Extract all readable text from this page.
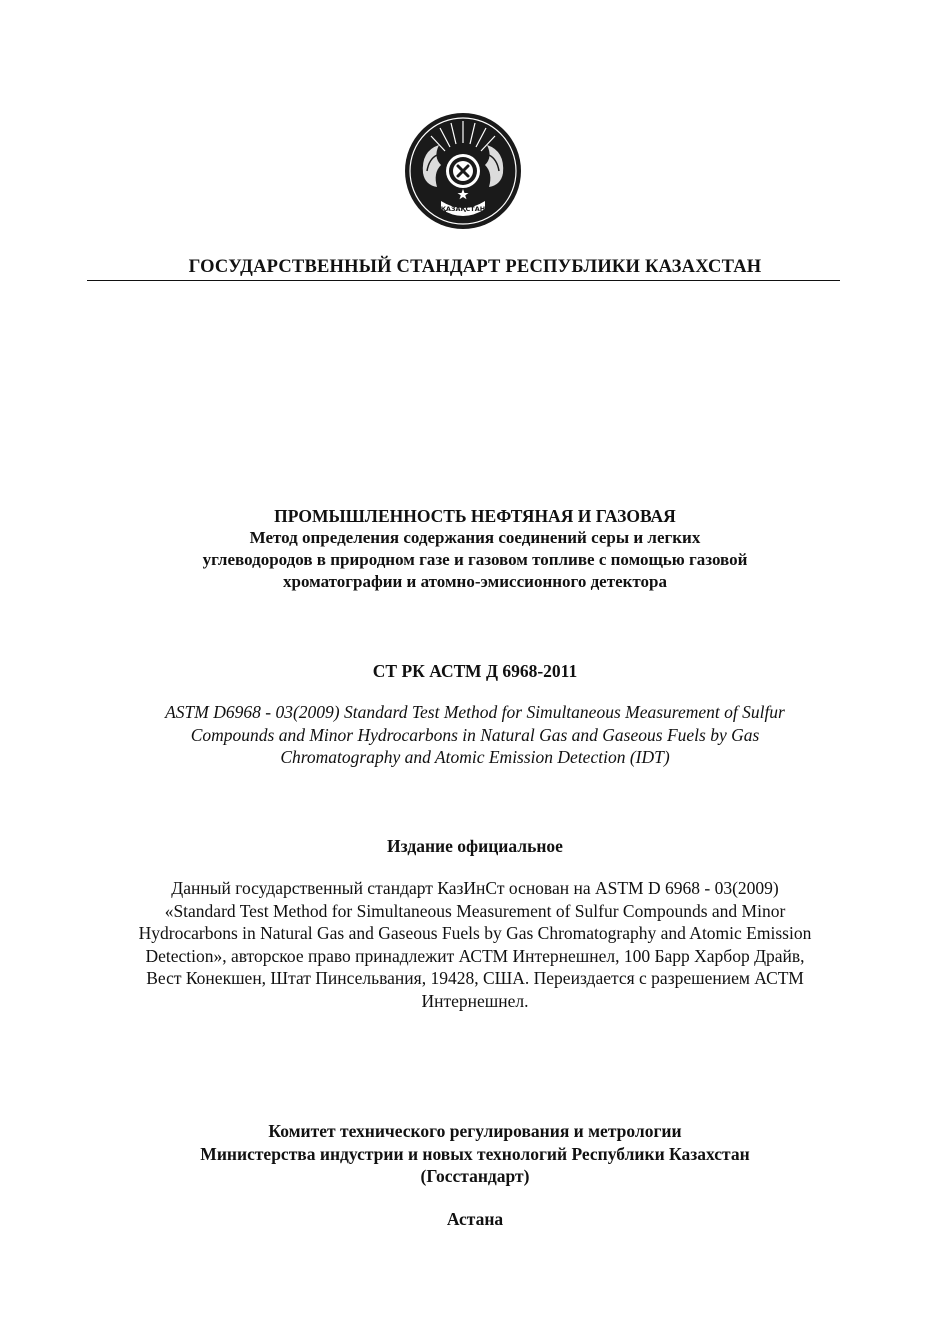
ҚАЗАҚСТАН
ГОСУДАРСТВЕННЫЙ СТАНДАРТ РЕСПУБЛИКИ КАЗАХСТАН
ПРОМЫШЛЕННОСТЬ НЕФТЯНАЯ И ГАЗОВАЯ
Метод определения содержания соединений серы и легких
углеводородов в природном газе и газовом топливе с помощью газовой
хроматографии и атомно-эмиссионного детектора
СТ РК АСТМ Д 6968-2011
ASTM D6968 - 03(2009) Standard Test Method for Simultaneous Measurement of Sulfur
Compounds and Minor Hydrocarbons in Natural Gas and Gaseous Fuels by Gas
Chromatography and Atomic Emission Detection (IDT)
Издание официальное
Данный государственный стандарт КазИнСт основан на ASTM D 6968 - 03(2009)
«Standard Test Method for Simultaneous Measurement of Sulfur Compounds and Minor
Hydrocarbons in Natural Gas and Gaseous Fuels by Gas Chromatography and Atomic Emission
Detection», авторское право принадлежит АСТМ Интернешнел, 100 Барр Харбор Драйв,
Вест Конекшен, Штат Пинсельвания, 19428, США. Переиздается с разрешением АСТМ
Интернешнел.
Комитет технического регулирования и метрологии
Министерства индустрии и новых технологий Республики Казахстан
(Госстандарт)
Астана
